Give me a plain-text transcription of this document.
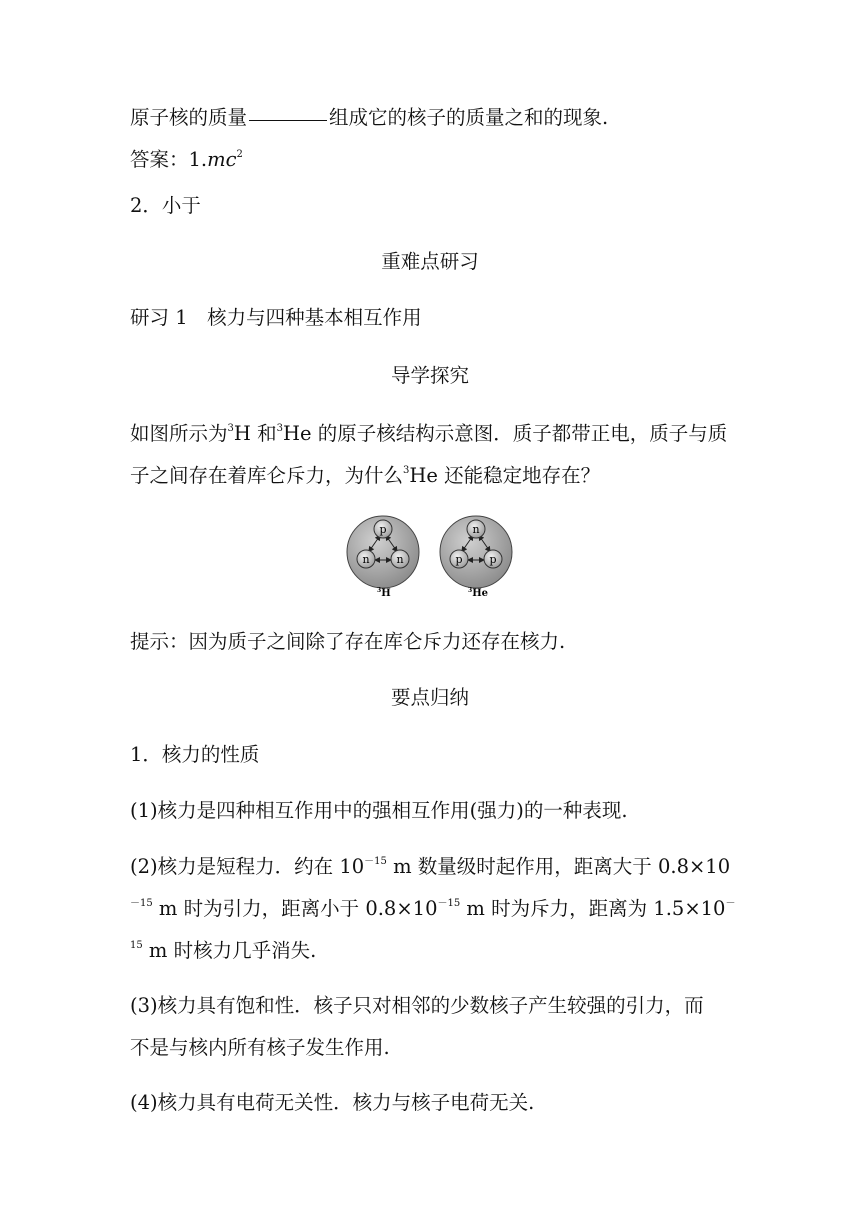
原子核的质量	组成它的核子的质量之和的现象.
答案：$1.mc^2$
2．小于
重难点研习
研习 1　核力与四种基本相互作用
导学探究
如图所示为$^3$H 和$^3$He 的原子核结构示意图．质子都带正电，质子与质
子之间存在着库仑斥力，为什么$^3$He 还能稳定地存在？
p
n n
$^3$H
n
p p
$^3$He
提示：因为质子之间除了存在库仑斥力还存在核力.
要点归纳
1．核力的性质
(1)核力是四种相互作用中的强相互作用(强力)的一种表现.
(2)核力是短程力．约在 $10^{-15}$ m 数量级时起作用，距离大于 0.8×10
$^{-15}$ m 时为引力，距离小于 $0.8\times 10^{-15}$ m 时为斥力，距离为 1.5×10－
$^{15}$ m 时核力几乎消失.
(3)核力具有饱和性．核子只对相邻的少数核子产生较强的引力，而
不是与核内所有核子发生作用.
(4)核力具有电荷无关性．核力与核子电荷无关.
